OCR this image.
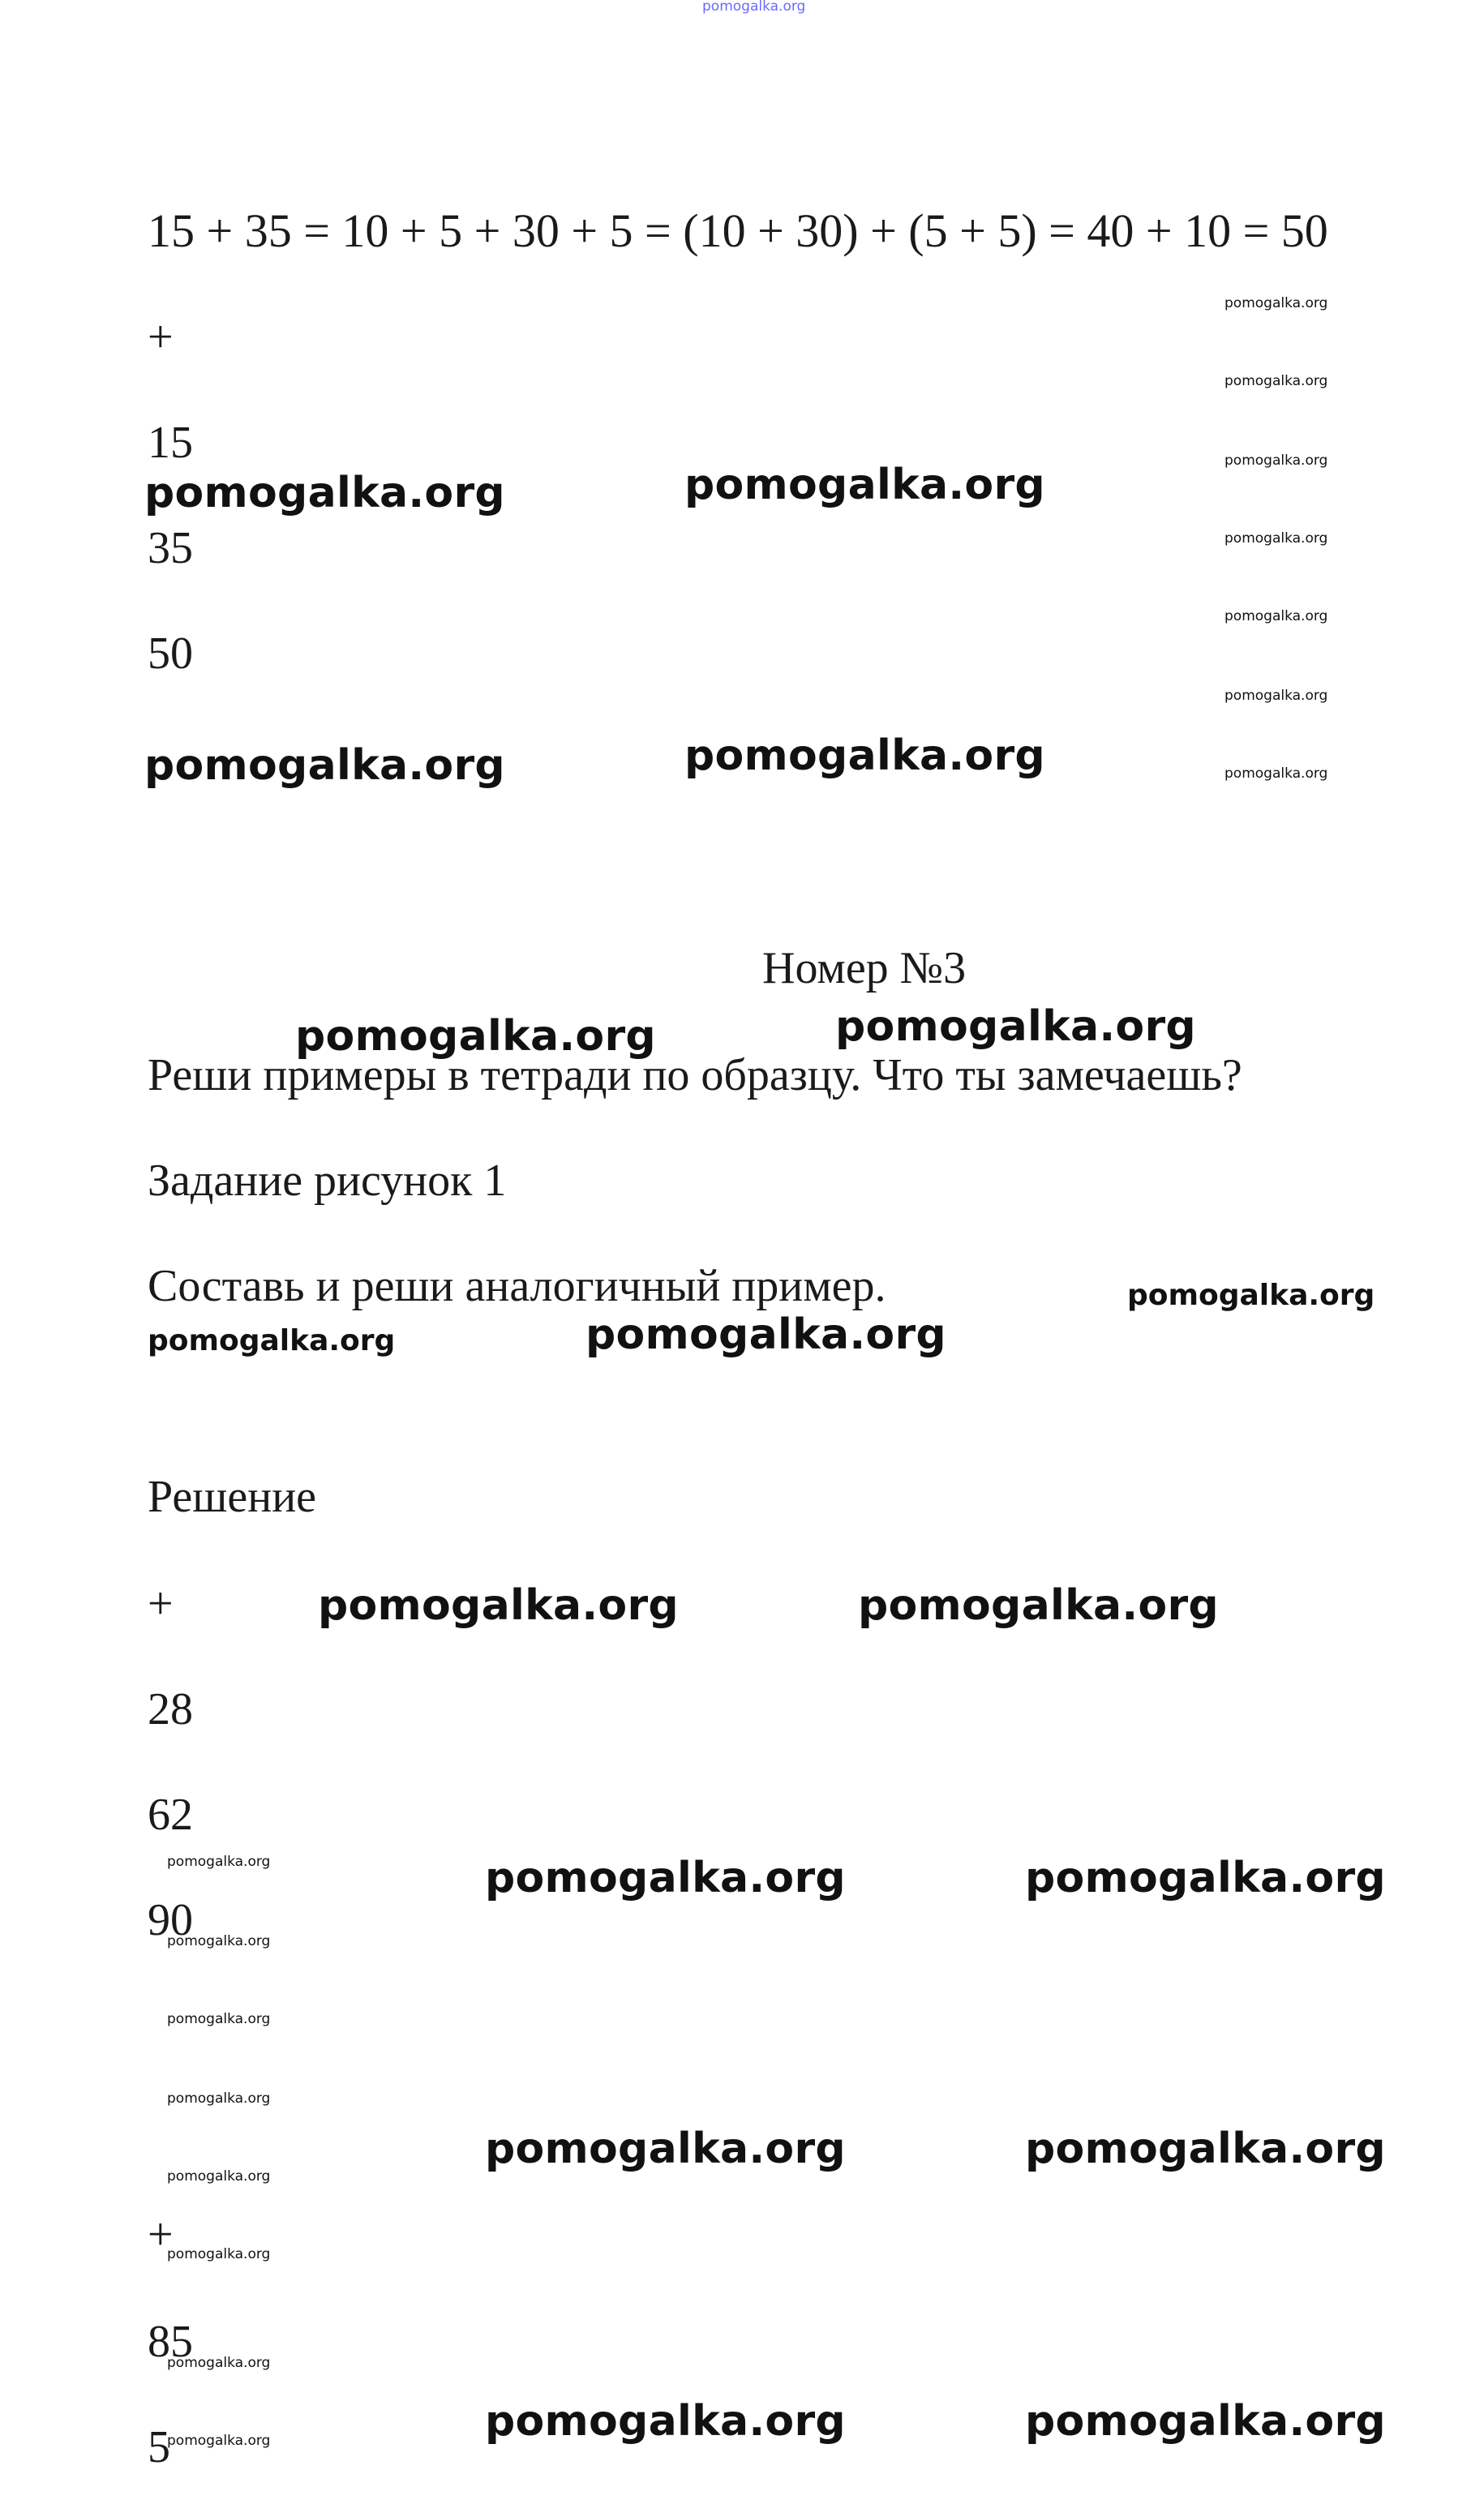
pomogalka.org
15 + 35 = 10 + 5 + 30 + 5 = (10 + 30) + (5 + 5) = 40 + 10 = 50
+
15
35
50
Номер №3
Реши примеры в тетради по образцу. Что ты замечаешь?
Задание рисунок 1
Составь и реши аналогичный пример.
Решение
+
28
62
90
+
85
5
pomogalka.org	pomogalka.org
pomogalka.org	pomogalka.org
pomogalka.org	pomogalka.org
pomogalka.org
pomogalka.org	pomogalka.org
pomogalka.org	pomogalka.org
pomogalka.org	pomogalka.org
pomogalka.org	pomogalka.org
pomogalka.org
pomogalka.org
pomogalka.org
pomogalka.org
pomogalka.org
pomogalka.org
pomogalka.org
pomogalka.org
pomogalka.org
pomogalka.org
pomogalka.org
pomogalka.org
pomogalka.org
pomogalka.org
pomogalka.org
pomogalka.org
pomogalka.org
